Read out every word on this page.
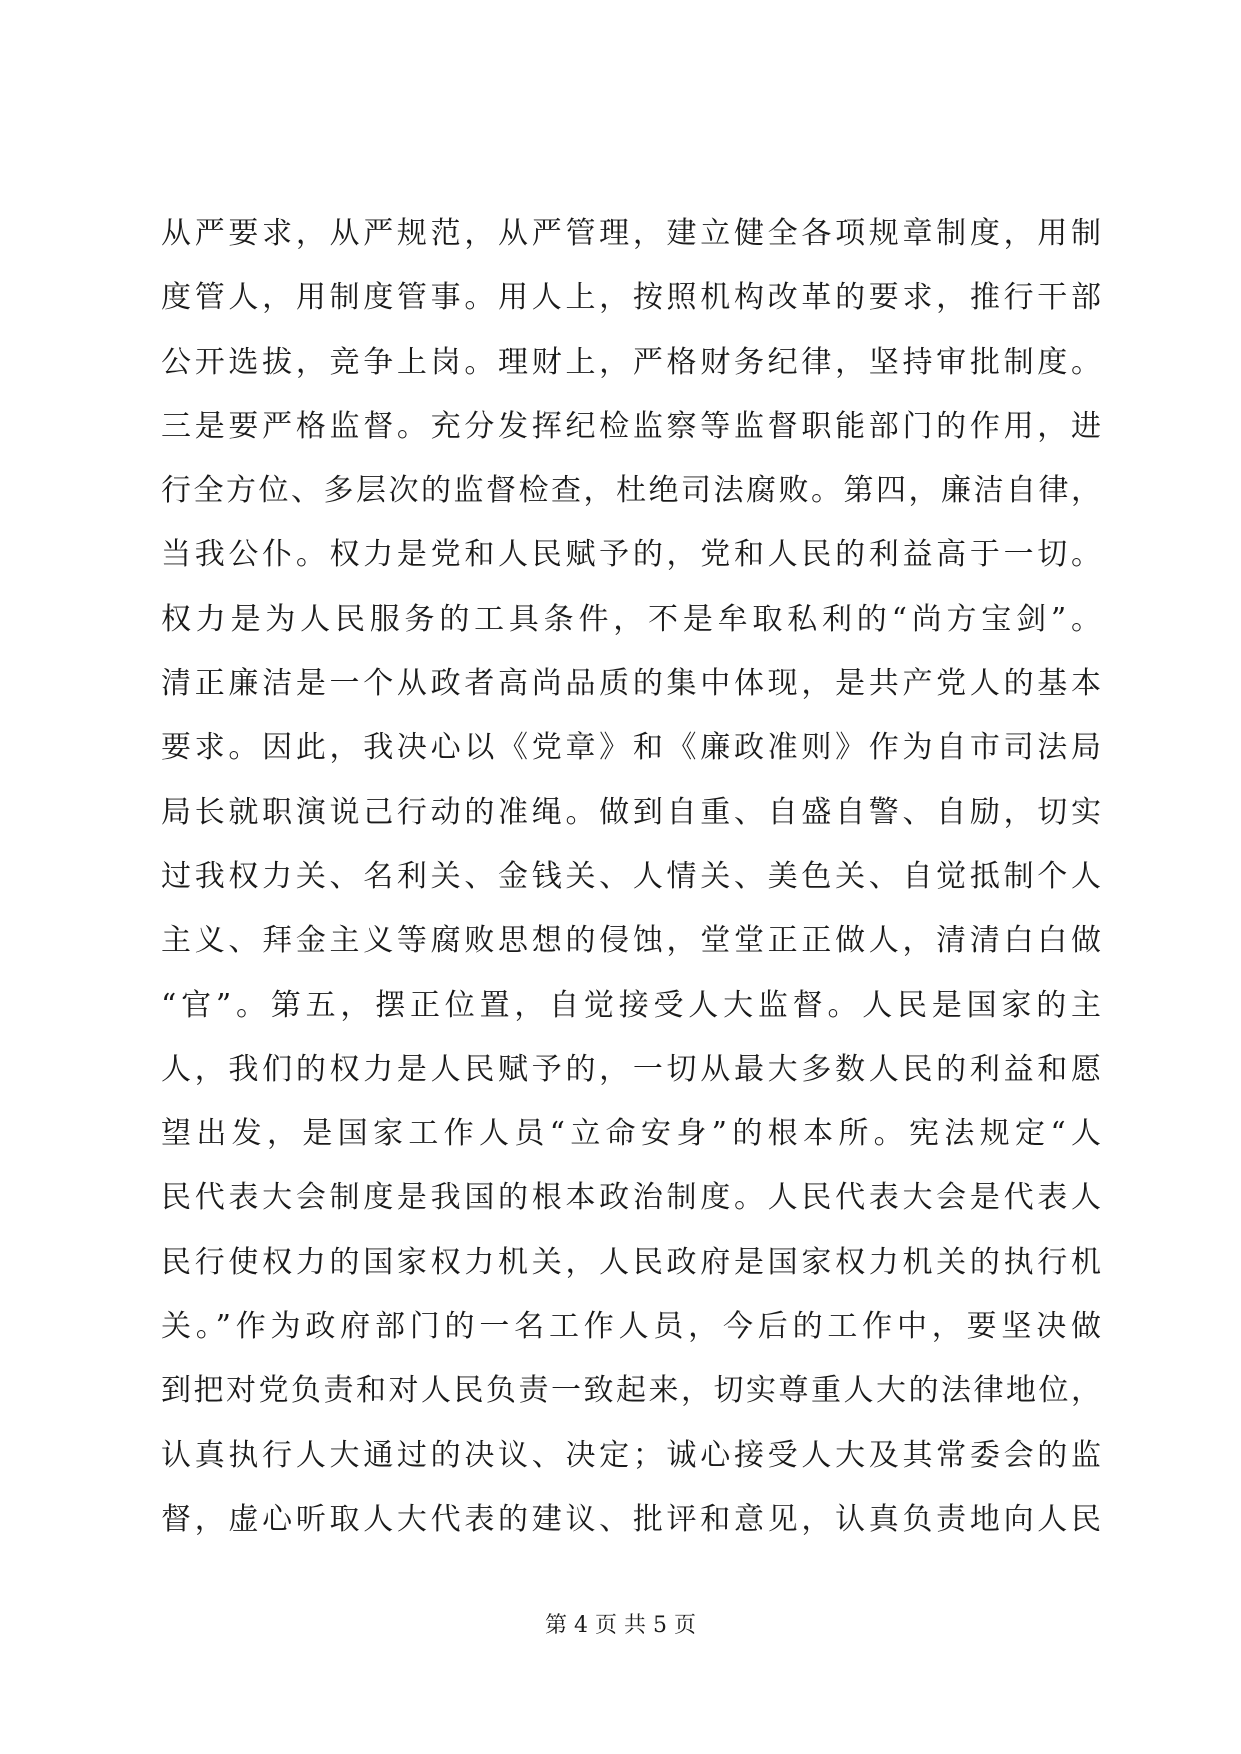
从严要求，从严规范，从严管理，建立健全各项规章制度，用制
度管人，用制度管事。用人上，按照机构改革的要求，推行干部
公开选拔，竞争上岗。理财上，严格财务纪律，坚持审批制度。
三是要严格监督。充分发挥纪检监察等监督职能部门的作用，进
行全方位、多层次的监督检查，杜绝司法腐败。第四，廉洁自律，
当我公仆。权力是党和人民赋予的，党和人民的利益高于一切。
权力是为人民服务的工具条件，不是牟取私利的“尚方宝剑”。
清正廉洁是一个从政者高尚品质的集中体现，是共产党人的基本
要求。因此，我决心以《党章》和《廉政准则》作为自市司法局
局长就职演说己行动的准绳。做到自重、自盛自警、自励，切实
过我权力关、名利关、金钱关、人情关、美色关、自觉抵制个人
主义、拜金主义等腐败思想的侵蚀，堂堂正正做人，清清白白做
“官”。第五，摆正位置，自觉接受人大监督。人民是国家的主
人，我们的权力是人民赋予的，一切从最大多数人民的利益和愿
望出发，是国家工作人员“立命安身”的根本所。宪法规定“人
民代表大会制度是我国的根本政治制度。人民代表大会是代表人
民行使权力的国家权力机关，人民政府是国家权力机关的执行机
关。”作为政府部门的一名工作人员，今后的工作中，要坚决做
到把对党负责和对人民负责一致起来，切实尊重人大的法律地位，
认真执行人大通过的决议、决定；诚心接受人大及其常委会的监
督，虚心听取人大代表的建议、批评和意见，认真负责地向人民
第 4 页 共 5 页
